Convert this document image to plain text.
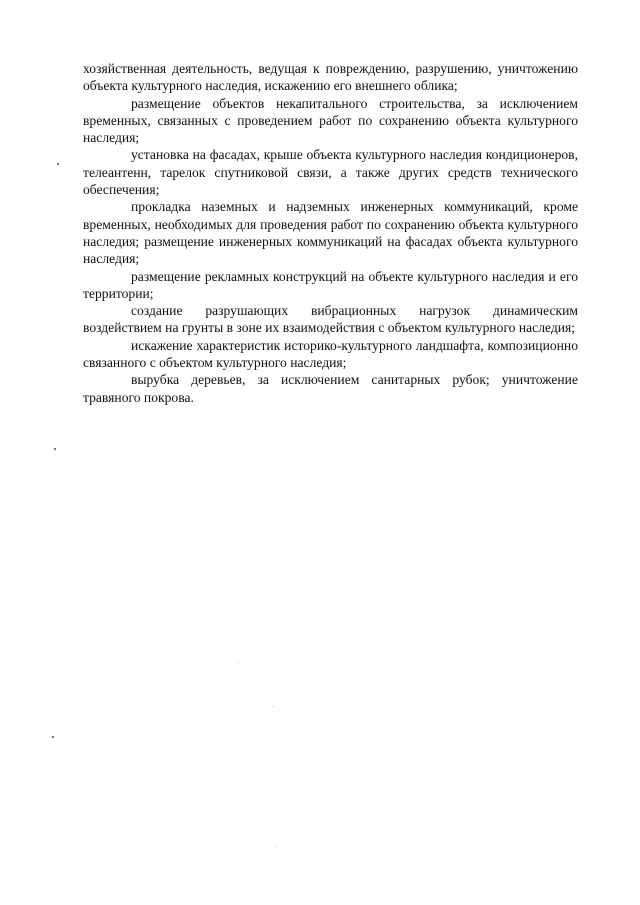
хозяйственная деятельность, ведущая к повреждению, разрушению, уничтожению объекта культурного наследия, искажению его внешнего облика;

размещение объектов некапитального строительства, за исключением временных, связанных с проведением работ по сохранению объекта культурного наследия;

установка на фасадах, крыше объекта культурного наследия кондиционеров, телеантенн, тарелок спутниковой связи, а также других средств технического обеспечения;

прокладка наземных и надземных инженерных коммуникаций, кроме временных, необходимых для проведения работ по сохранению объекта культурного наследия; размещение инженерных коммуникаций на фасадах объекта культурного наследия;

размещение рекламных конструкций на объекте культурного наследия и его территории;

создание разрушающих вибрационных нагрузок динамическим воздействием на грунты в зоне их взаимодействия с объектом культурного наследия;

искажение характеристик историко-культурного ландшафта, композиционно связанного с объектом культурного наследия;

вырубка деревьев, за исключением санитарных рубок; уничтожение травяного покрова.
